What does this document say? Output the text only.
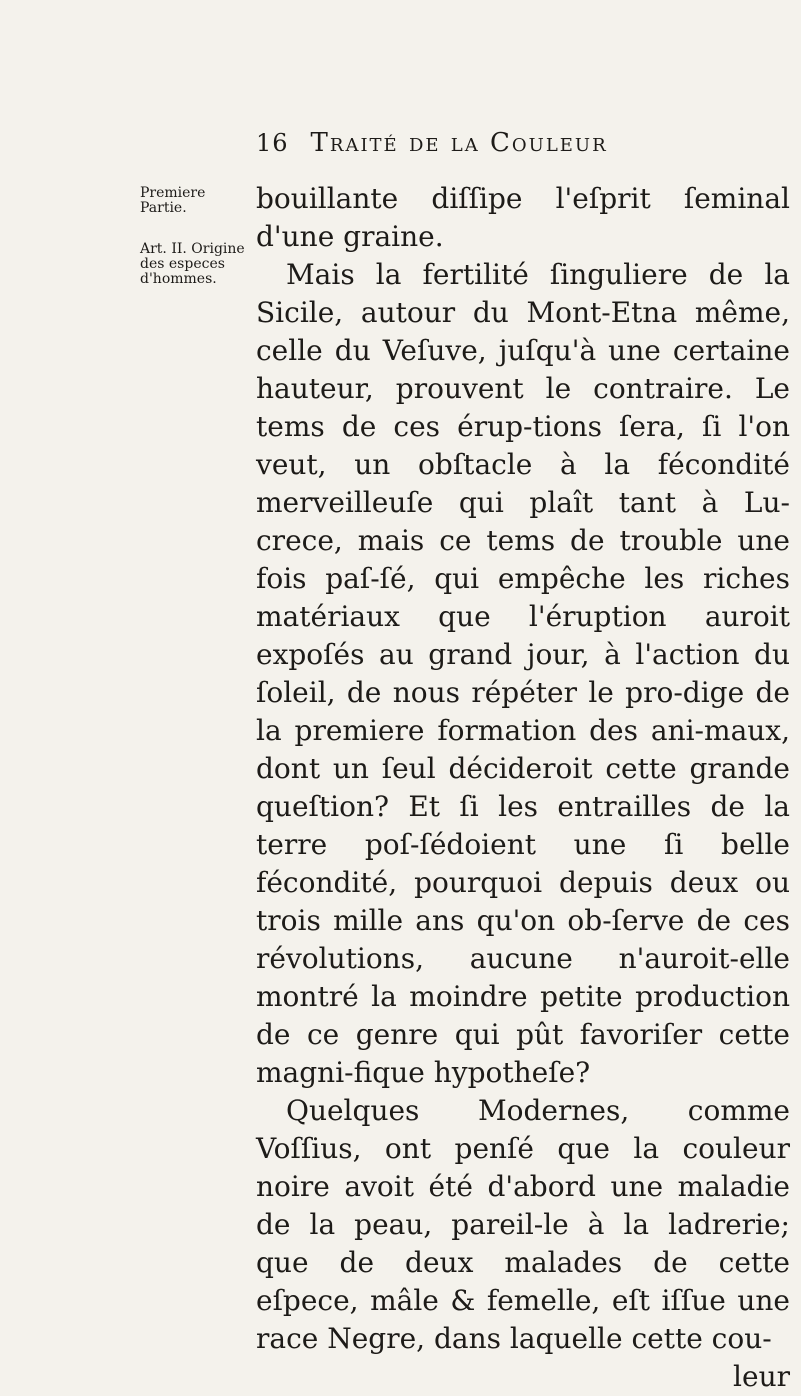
16 Traité de la Couleur
Premiere Partie.
Art. II. Origine des especes d'hommes.

bouillante diſſipe l'eſprit ſeminal d'une graine.

Mais la fertilité ſinguliere de la Sicile, autour du Mont-Etna même, celle du Veſuve, juſqu'à une certaine hauteur, prouvent le contraire. Le tems de ces érup-tions ſera, ſi l'on veut, un obſtacle à la fécondité merveilleuſe qui plaît tant à Lu-crece, mais ce tems de trouble une fois paſ-ſé, qui empêche les riches matériaux que l'éruption auroit expoſés au grand jour, à l'action du ſoleil, de nous répéter le pro-dige de la premiere formation des ani-maux, dont un ſeul décideroit cette grande queſtion? Et ſi les entrailles de la terre poſ-ſédoient une ſi belle fécondité, pourquoi depuis deux ou trois mille ans qu'on ob-ſerve de ces révolutions, aucune n'auroit-elle montré la moindre petite production de ce genre qui pût favoriſer cette magni-fique hypotheſe?

Quelques Modernes, comme Voſſius, ont penſé que la couleur noire avoit été d'abord une maladie de la peau, pareil-le à la ladrerie; que de deux malades de cette eſpece, mâle & femelle, eſt iſſue une race Negre, dans laquelle cette cou-

leur
